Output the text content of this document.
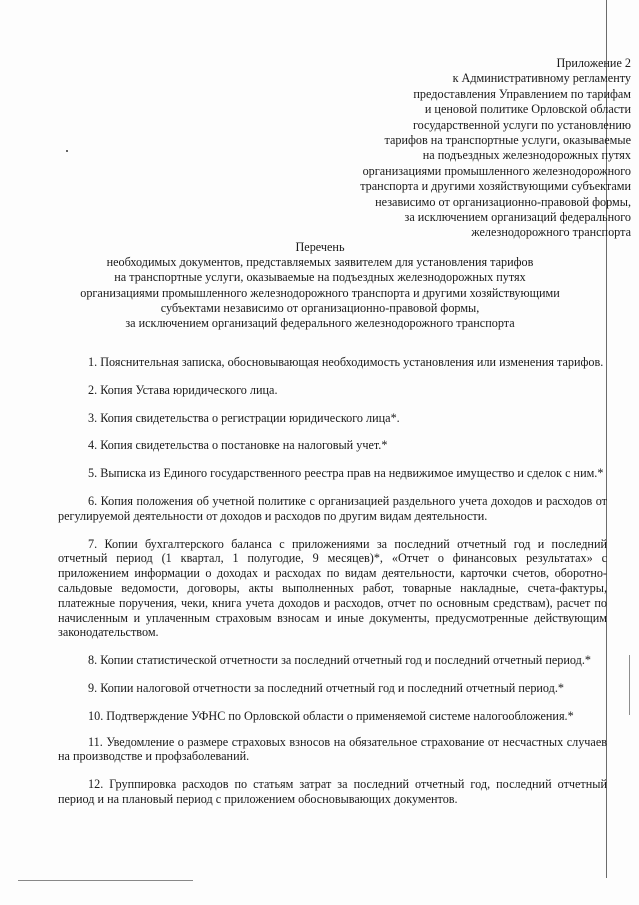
Приложение 2
к Административному регламенту
предоставления Управлением по тарифам
и ценовой политике Орловской области
государственной услуги по установлению
тарифов на транспортные услуги, оказываемые
на подъездных железнодорожных путях
организациями промышленного железнодорожного
транспорта и другими хозяйствующими субъектами
независимо от организационно-правовой формы,
за исключением организаций федерального
железнодорожного транспорта
Перечень
необходимых документов, представляемых заявителем для установления тарифов
на транспортные услуги, оказываемые на подъездных железнодорожных путях
организациями промышленного железнодорожного транспорта и другими хозяйствующими
субъектами независимо от организационно-правовой формы,
за исключением организаций федерального железнодорожного транспорта

1. Пояснительная записка, обосновывающая необходимость установления или изменения тарифов.

2. Копия Устава юридического лица.

3. Копия свидетельства о регистрации юридического лица*.

4. Копия свидетельства о постановке на налоговый учет.*

5. Выписка из Единого государственного реестра прав на недвижимое имущество и сделок с ним.*

6. Копия положения об учетной политике с организацией раздельного учета доходов и расходов от регулируемой деятельности от доходов и расходов по другим видам деятельности.

7. Копии бухгалтерского баланса с приложениями за последний отчетный год и последний отчетный период (1 квартал, 1 полугодие, 9 месяцев)*, «Отчет о финансовых результатах» с приложением информации о доходах и расходах по видам деятельности, карточки счетов, оборотно-сальдовые ведомости, договоры, акты выполненных работ, товарные накладные, счета-фактуры, платежные поручения, чеки, книга учета доходов и расходов, отчет по основным средствам), расчет по начисленным и уплаченным страховым взносам и иные документы, предусмотренные действующим законодательством.

8. Копии статистической отчетности за последний отчетный год и последний отчетный период.*

9. Копии налоговой отчетности за последний отчетный год и последний отчетный период.*

10. Подтверждение УФНС по Орловской области о применяемой системе налогообложения.*

11. Уведомление о размере страховых взносов на обязательное страхование от несчастных случаев на производстве и профзаболеваний.

12. Группировка расходов по статьям затрат за последний отчетный год, последний отчетный период и на плановый период с приложением обосновывающих документов.
